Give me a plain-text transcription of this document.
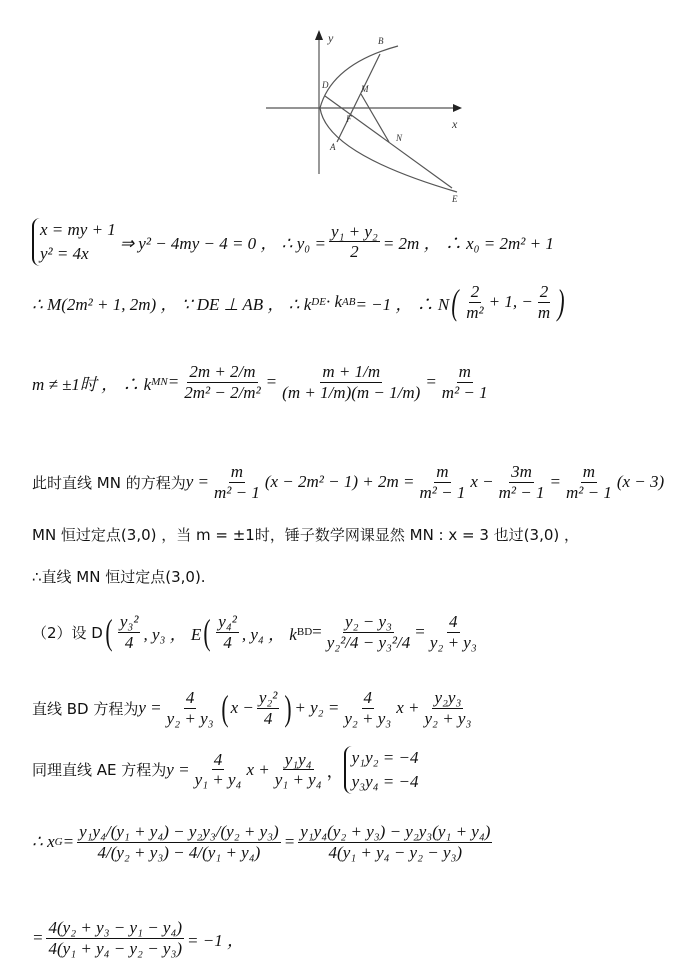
y	B
D	M
F
N
A
x
E
x = my + 1
y² = 4x	⇒ y² − 4my − 4 = 0 ， ∴ $y_0 = \frac{\text{y₁ + y₂}}{2} = 2m$ ， ∴ x₀ = 2m² + 1
∴ M(2m² + 1, 2m) ， ∵ DE ⊥ AB ， ∴ k DE · k AB = −1 ， ∴ N ( $\frac{2}{\text{m²}} + 1$, − $\frac{2}{m}$ )
m ≠ ±1时 ， ∴ k MN = $\frac{2m + 2/m}{\text{2m² − 2/m²}} = \frac{m + 1/m}{(m + 1/m)(m - 1/m)} = \frac{m}{\text{m² − 1}}$
此时直线 MN 的方程为 $y = \frac{m}{\text{m² − 1}} (x - 2m^2 - 1) + 2m = \frac{m}{\text{m² − 1}}$ $x - \frac{3m}{\text{m² − 1}} = \frac{m}{\text{m² − 1}} (x - 3)$
MN 恒过定点(3,0) ，当 m = ±1时，锤子数学网课显然 MN : x = 3 也过(3,0) ，
∴直线 MN 恒过定点(3,0).
（2）设 D ( $\frac{\text{y₃²}}{4}$ , y₃ ， E ( $\frac{\text{y₄²}}{4}$ , y₄ ， k BD = $\frac{\text{y₂ − y₃}}{\text{y₂²/4 − y₃²/4}} = \frac{4}{\text{y₂ + y₃}}$
直线 BD 方程为 $y = \frac{4}{\text{y₂ + y₃}}$ ( $x - \frac{\text{y₂²}}{4}$ ) + $y_2 = \frac{4}{\text{y₂ + y₃}}$ $x + \frac{\text{y₂y₃}}{\text{y₂ + y₃}}$
同理直线 AE 方程为 $y = \frac{4}{\text{y₁ + y₄}}$ $x + \frac{\text{y₁y₄}}{\text{y₁ + y₄}}$ ，
y₁y₂ = −4
y₃y₄ = −4
∴ x $G = \frac{\text{y₁y₄/(y₁ + y₄) − y₂y₃/(y₂ + y₃)}}{\text{4/(y₂ + y₃) − 4/(y₁ + y₄)}} = \frac{\text{y₁y₄(y₂ + y₃) − y₂y₃(y₁ + y₄)}}{\text{4(y₁ + y₄ − y₂ − y₃)}}$
= $\frac{\text{4(y₂ + y₃ − y₁ − y₄)}}{\text{4(y₁ + y₄ − y₂ − y₃)}} = -1$ ，
